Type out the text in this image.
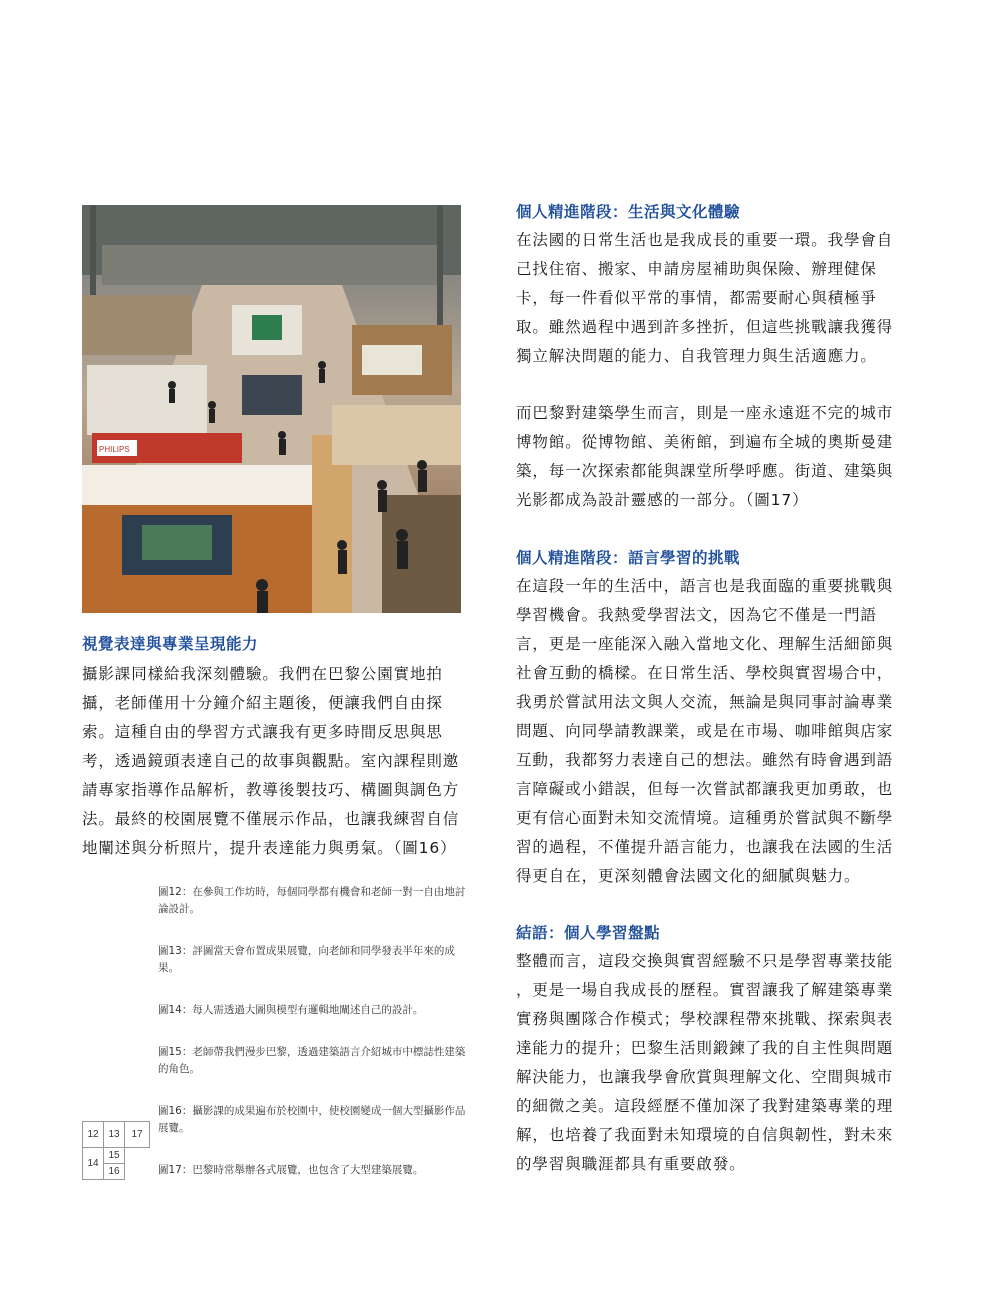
PHILIPS
視覺表達與專業呈現能力
攝影課同樣給我深刻體驗。我們在巴黎公園實地拍
攝，老師僅用十分鐘介紹主題後，便讓我們自由探
索。這種自由的學習方式讓我有更多時間反思與思
考，透過鏡頭表達自己的故事與觀點。室內課程則邀
請專家指導作品解析，教導後製技巧、構圖與調色方
法。最終的校園展覽不僅展示作品，也讓我練習自信
地闡述與分析照片，提升表達能力與勇氣。（圖16）

圖12：在參與工作坊時，每個同學都有機會和老師一對一自由地討論設計。

圖13：評圖當天會布置成果展覽，向老師和同學發表半年來的成果。

圖14：每人需透過大圖與模型有邏輯地闡述自己的設計。

圖15：老師帶我們漫步巴黎，透過建築語言介紹城市中標誌性建築的角色。

圖16：攝影課的成果遍布於校園中，使校園變成一個大型攝影作品展覽。

圖17：巴黎時常舉辦各式展覽，也包含了大型建築展覽。

12	13	17
14	15	
	16	
個人精進階段：生活與文化體驗
在法國的日常生活也是我成長的重要一環。我學會自
己找住宿、搬家、申請房屋補助與保險、辦理健保
卡，每一件看似平常的事情，都需要耐心與積極爭
取。雖然過程中遇到許多挫折，但這些挑戰讓我獲得
獨立解決問題的能力、自我管理力與生活適應力。
而巴黎對建築學生而言，則是一座永遠逛不完的城市
博物館。從博物館、美術館，到遍布全城的奧斯曼建
築，每一次探索都能與課堂所學呼應。街道、建築與
光影都成為設計靈感的一部分。（圖17）
個人精進階段：語言學習的挑戰
在這段一年的生活中，語言也是我面臨的重要挑戰與
學習機會。我熱愛學習法文，因為它不僅是一門語
言，更是一座能深入融入當地文化、理解生活細節與
社會互動的橋樑。在日常生活、學校與實習場合中，
我勇於嘗試用法文與人交流，無論是與同事討論專業
問題、向同學請教課業，或是在市場、咖啡館與店家
互動，我都努力表達自己的想法。雖然有時會遇到語
言障礙或小錯誤，但每一次嘗試都讓我更加勇敢，也
更有信心面對未知交流情境。這種勇於嘗試與不斷學
習的過程，不僅提升語言能力，也讓我在法國的生活
得更自在，更深刻體會法國文化的細膩與魅力。
結語：個人學習盤點
整體而言，這段交換與實習經驗不只是學習專業技能
，更是一場自我成長的歷程。實習讓我了解建築專業
實務與團隊合作模式；學校課程帶來挑戰、探索與表
達能力的提升；巴黎生活則鍛鍊了我的自主性與問題
解決能力，也讓我學會欣賞與理解文化、空間與城市
的細微之美。這段經歷不僅加深了我對建築專業的理
解，也培養了我面對未知環境的自信與韌性，對未來
的學習與職涯都具有重要啟發。
